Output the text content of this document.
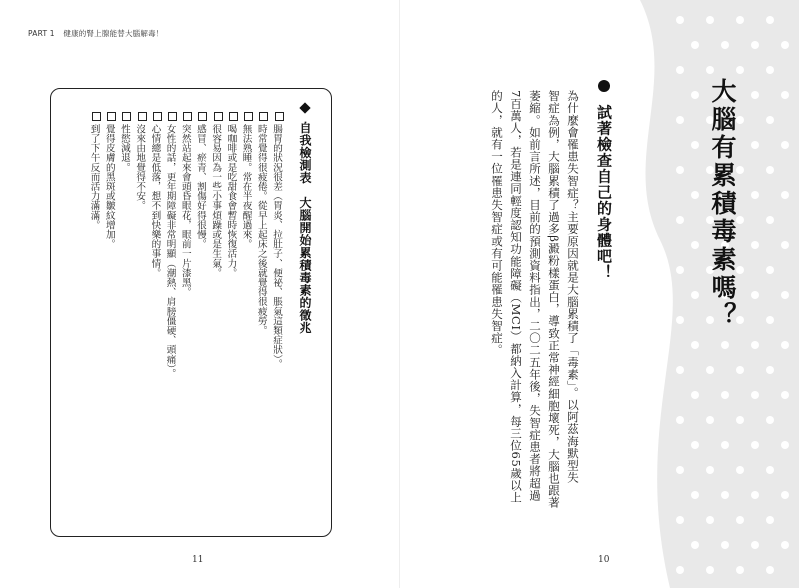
PART 1 健康的腎上腺能替大腦解毒！
自我檢測表　大腦開始累積毒素的徵兆
腸胃的狀況很差（胃炎、拉肚子、便祕、脹氣這類症狀）。
時常覺得很疲倦。從早上起床之後就覺得很疲勞。
無法熟睡。常在半夜醒過來。
喝咖啡或是吃甜食會暫時恢復活力。
很容易因為一些小事煩躁或是生氣。
感冒、瘀青、割傷好得很慢。
突然站起來會頭昏眼花，眼前一片漆黑。
女性的話，更年期障礙非常明顯（潮熱、肩膀僵硬、頭痛）。
心情總是低落，想不到快樂的事情。
沒來由地覺得不安。
性慾減退。
覺得皮膚的黑斑或皺紋增加。
到了下午反而活力滿滿。
11
大腦有累積毒素嗎？
試著檢查自己的身體吧！
為什麼會罹患失智症？主要原因就是大腦累積了「毒素」。以阿茲海默型失
智症為例，大腦累積了過多β澱粉樣蛋白，導致正常神經細胞壞死，大腦也跟著
萎縮。如前言所述，目前的預測資料指出，二〇二五年後，失智症患者將超過
7百萬人，若是連同輕度認知功能障礙（MCI）都納入計算，每三位65歲以上
的人，就有一位罹患失智症或有可能罹患失智症。
10
